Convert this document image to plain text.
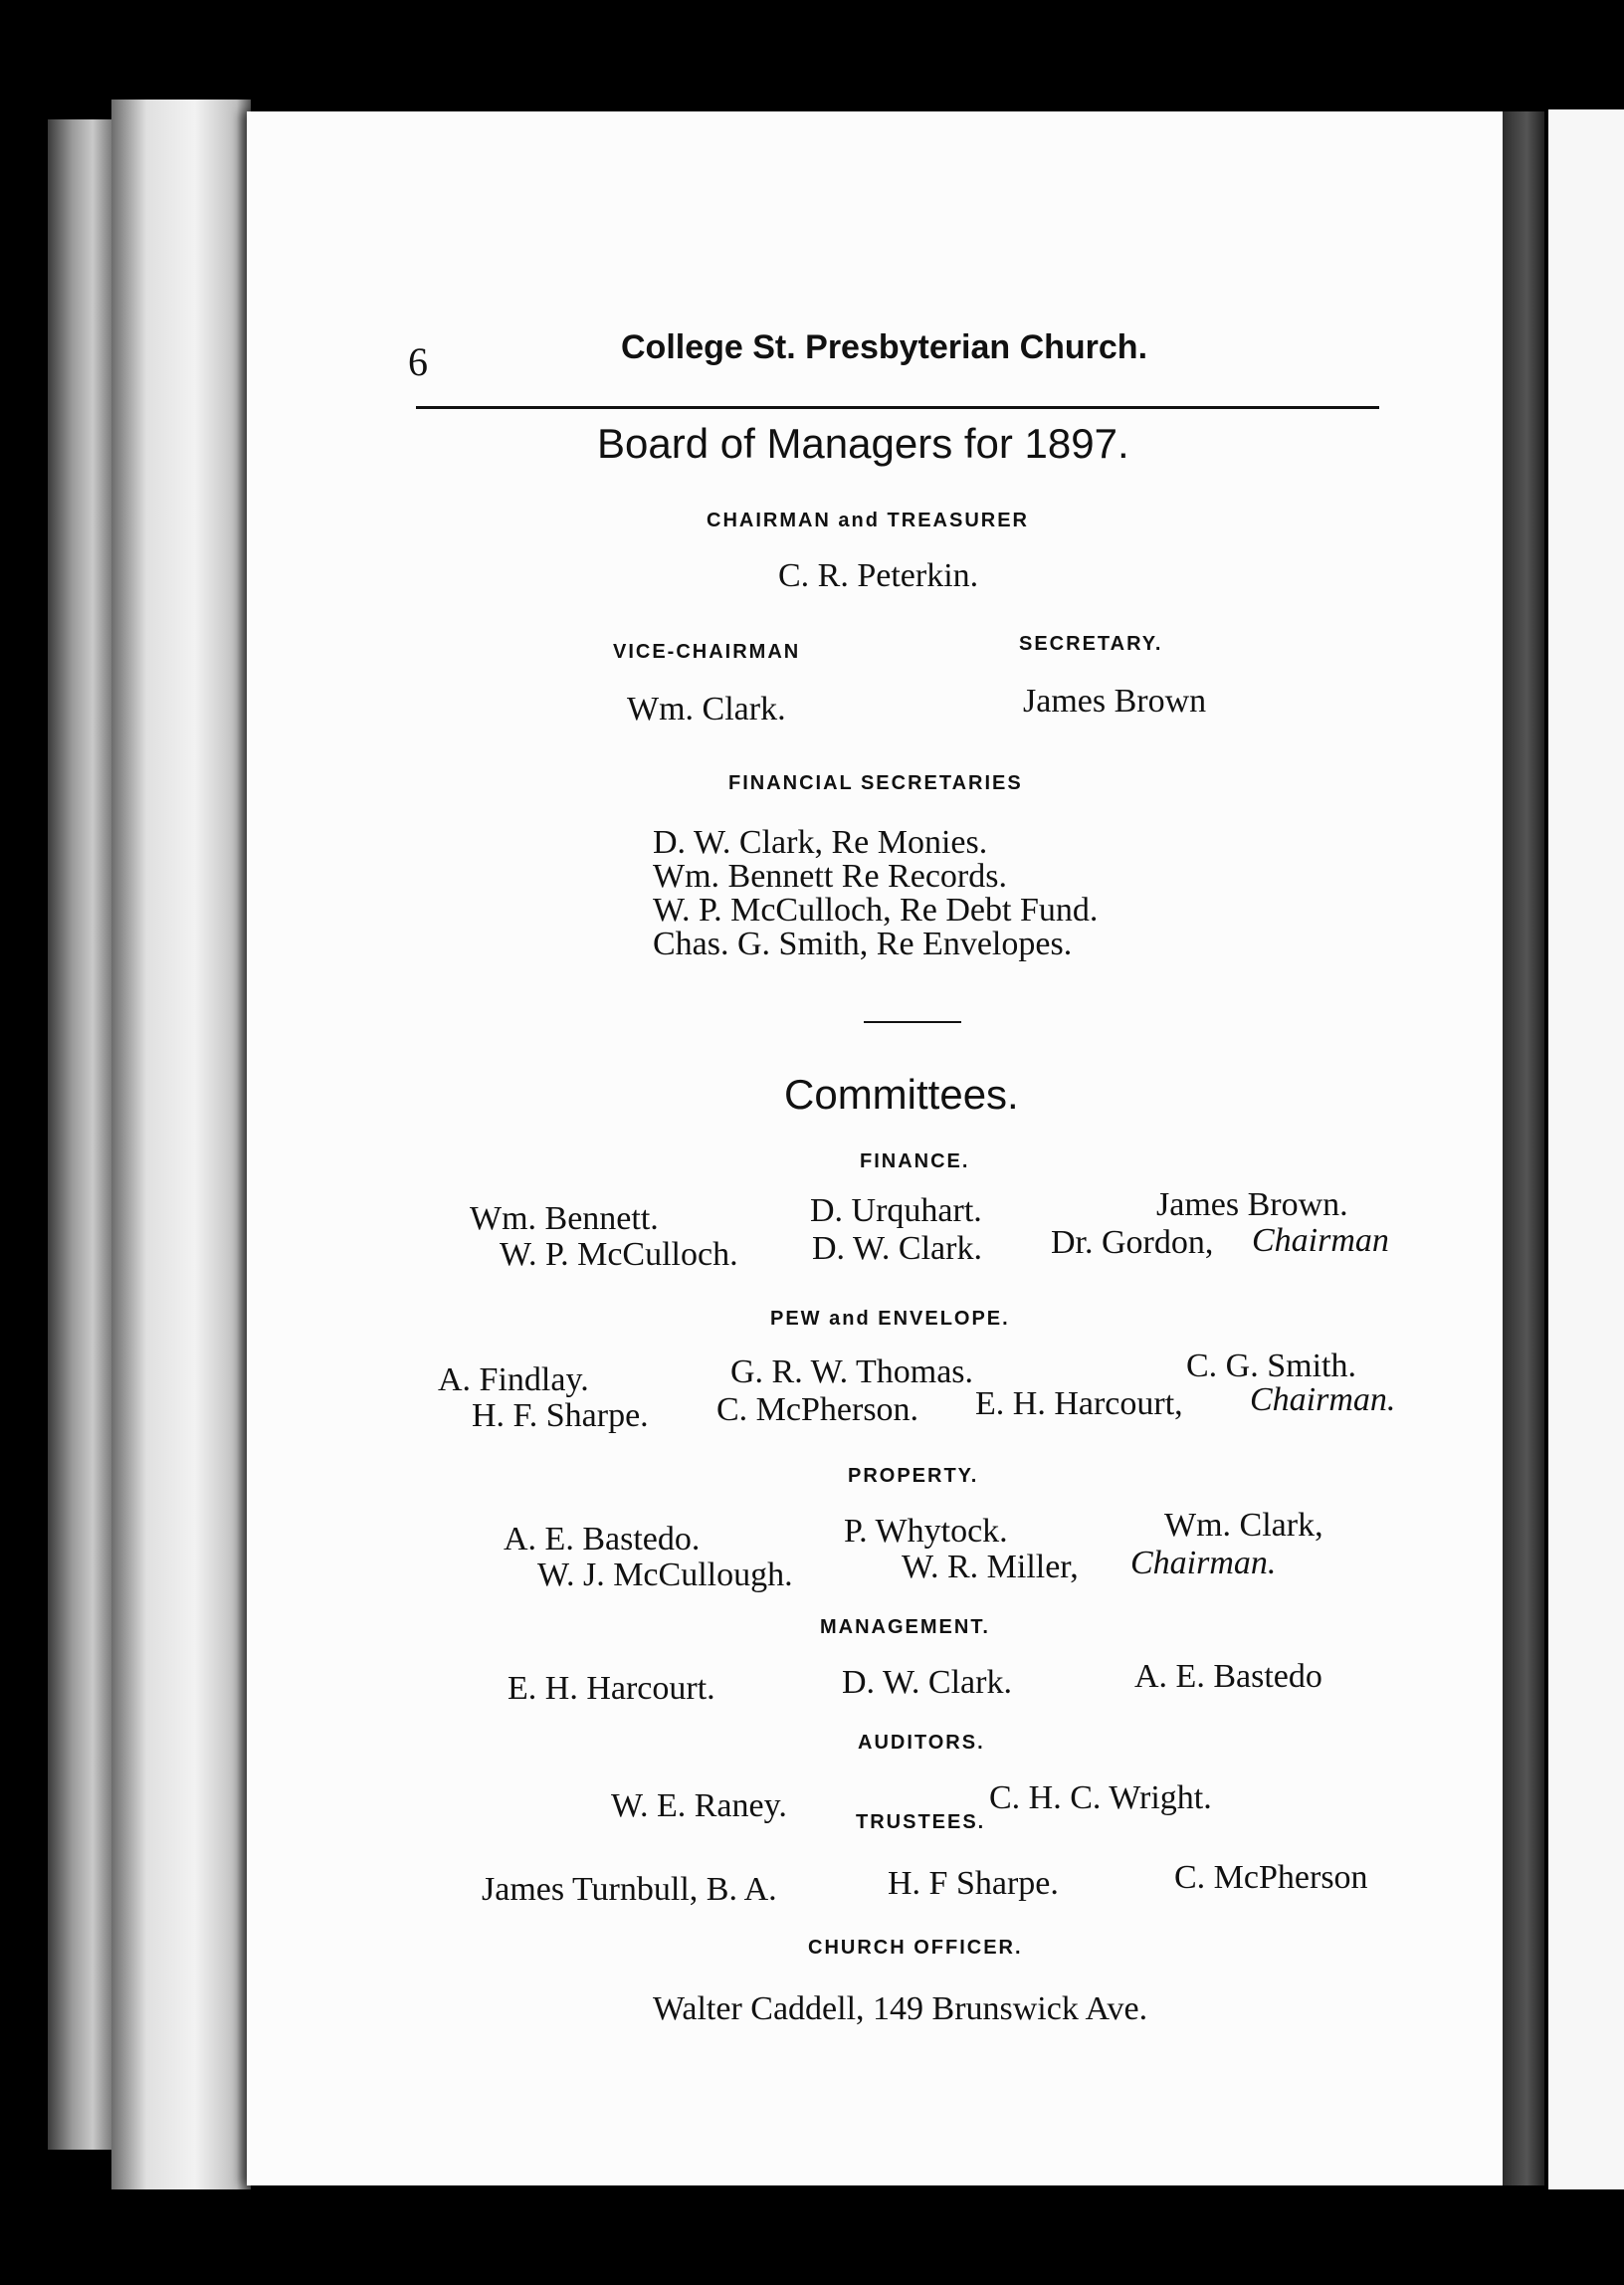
6	College St. Presbyterian Church.
Board of Managers for 1897.
CHAIRMAN and TREASURER
C. R. Peterkin.
VICE-CHAIRMAN	SECRETARY.
Wm. Clark.	James Brown
FINANCIAL SECRETARIES
D. W. Clark, Re Monies.
Wm. Bennett Re Records.
W. P. McCulloch, Re Debt Fund.
Chas. G. Smith, Re Envelopes.
Committees.
FINANCE.
Wm. Bennett.	D. Urquhart.	James Brown.
W. P. McCulloch. D. W. Clark. Dr. Gordon, Chairman
PEW and ENVELOPE.
A. Findlay.	G. R. W. Thomas.	C. G. Smith.
H. F. Sharpe. C. McPherson. E. H. Harcourt, Chairman.
PROPERTY.
A. E. Bastedo.	P. Whytock.	Wm. Clark,
W. J. McCullough.	W. R. Miller, Chairman.
MANAGEMENT.
E. H. Harcourt.	D. W. Clark.	A. E. Bastedo
AUDITORS.
W. E. Raney.	C. H. C. Wright.
TRUSTEES.
James Turnbull, B. A.	H. F Sharpe.	C. McPherson
CHURCH OFFICER.
Walter Caddell, 149 Brunswick Ave.
